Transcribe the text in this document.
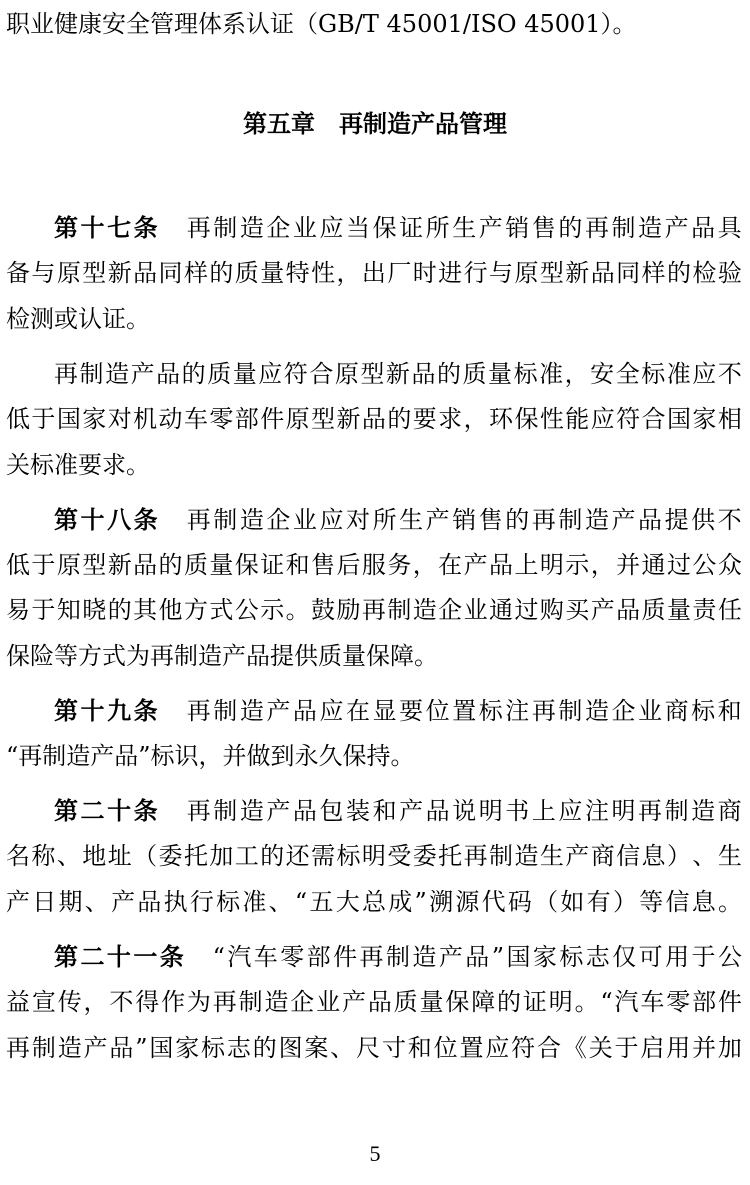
职业健康安全管理体系认证（GB/T 45001/ISO 45001）。
第五章　再制造产品管理
第 十 七 条
　 再 制 造 企 业 应 当 保 证 所 生 产 销 售 的 再 制 造 产 品 具
备 与 原 型 新 品 同 样 的 质 量 特 性 ， 出 厂 时 进 行 与 原 型 新 品 同 样 的 检 验
检测或认证。
再 制 造 产 品 的 质 量 应 符 合 原 型 新 品 的 质 量 标 准 ， 安 全 标 准 应 不
低 于 国 家 对 机 动 车 零 部 件 原 型 新 品 的 要 求 ， 环 保 性 能 应 符 合 国 家 相
关标准要求。
第 十 八 条
　 再 制 造 企 业 应 对 所 生 产 销 售 的 再 制 造 产 品 提 供 不
低 于 原 型 新 品 的 质 量 保 证 和 售 后 服 务 ， 在 产 品 上 明 示 ， 并 通 过 公 众
易 于 知 晓 的 其 他 方 式 公 示 。 鼓 励 再 制 造 企 业 通 过 购 买 产 品 质 量 责 任
保险等方式为再制造产品提供质量保障。
第 十 九 条
　 再 制 造 产 品 应 在 显 要 位 置 标 注 再 制 造 企 业 商 标 和
“再制造产品”标识，并做到永久保持。
第 二 十 条
　 再 制 造 产 品 包 装 和 产 品 说 明 书 上 应 注 明 再 制 造 商
名 称 、 地 址 （ 委 托 加 工 的 还 需 标 明 受 委 托 再 制 造 生 产 商 信 息 ） 、 生
产 日 期 、 产 品 执 行 标 准 、 “ 五 大 总 成 ” 溯 源 代 码 （ 如 有 ） 等 信 息 。
第 二 十 一 条
　 “ 汽 车 零 部 件 再 制 造 产 品 ” 国 家 标 志 仅 可 用 于 公
益 宣 传 ， 不 得 作 为 再 制 造 企 业 产 品 质 量 保 障 的 证 明 。 “ 汽 车 零 部 件
再 制 造 产 品 ” 国 家 标 志 的 图 案 、 尺 寸 和 位 置 应 符 合 《 关 于 启 用 并 加
5
